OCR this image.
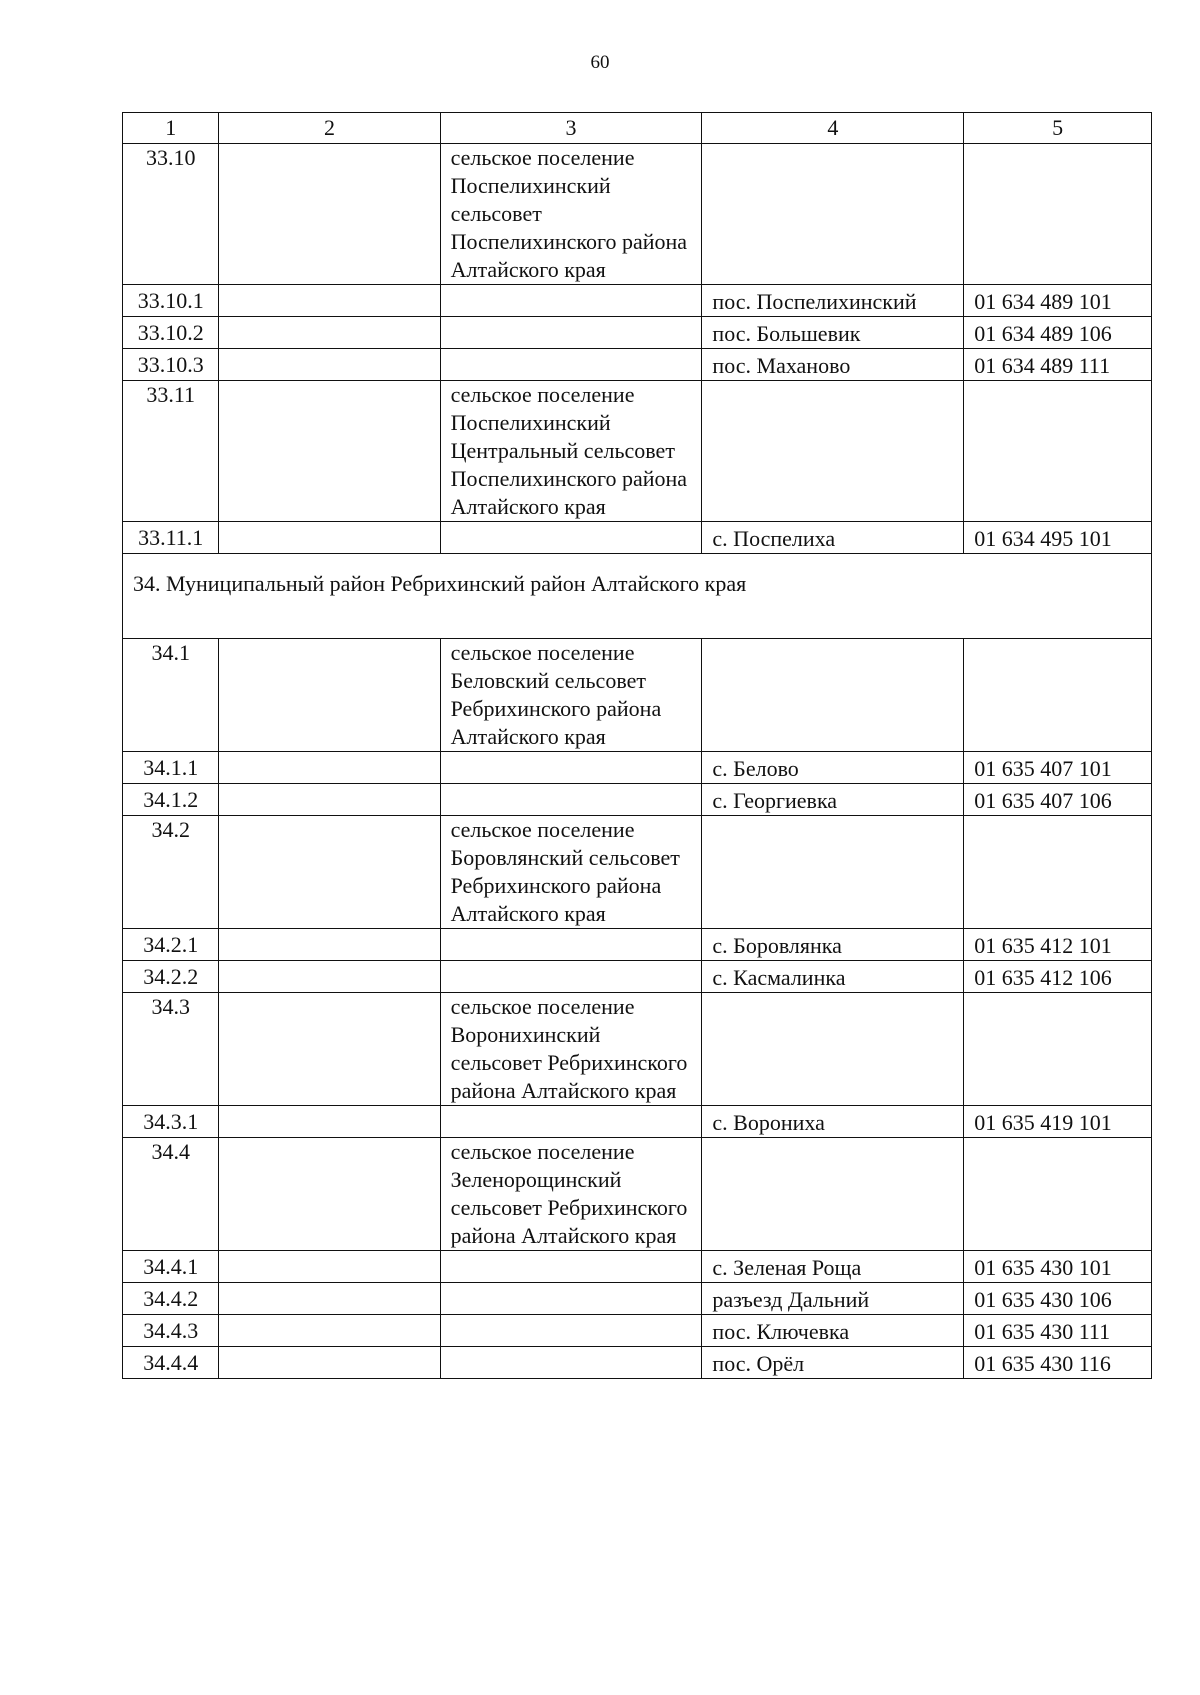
60
1	2	3	4	5
33.10		сельское поселение Поспелихинский сельсовет Поспелихинского района Алтайского края		
33.10.1			пос. Поспелихинский	01 634 489 101
33.10.2			пос. Большевик	01 634 489 106
33.10.3			пос. Маханово	01 634 489 111
33.11		сельское поселение Поспелихинский Центральный сельсовет Поспелихинского района Алтайского края		
33.11.1			с. Поспелиха	01 634 495 101
34. Муниципальный район Ребрихинский район Алтайского края				
34.1		сельское поселение Беловский сельсовет Ребрихинского района Алтайского края		
34.1.1			с. Белово	01 635 407 101
34.1.2			с. Георгиевка	01 635 407 106
34.2		сельское поселение Боровлянский сельсовет Ребрихинского района Алтайского края		
34.2.1			с. Боровлянка	01 635 412 101
34.2.2			с. Касмалинка	01 635 412 106
34.3		сельское поселение Воронихинский сельсовет Ребрихинского района Алтайского края		
34.3.1			с. Ворониха	01 635 419 101
34.4		сельское поселение Зеленорощинский сельсовет Ребрихинского района Алтайского края		
34.4.1			с. Зеленая Роща	01 635 430 101
34.4.2			разъезд Дальний	01 635 430 106
34.4.3			пос. Ключевка	01 635 430 111
34.4.4			пос. Орёл	01 635 430 116
